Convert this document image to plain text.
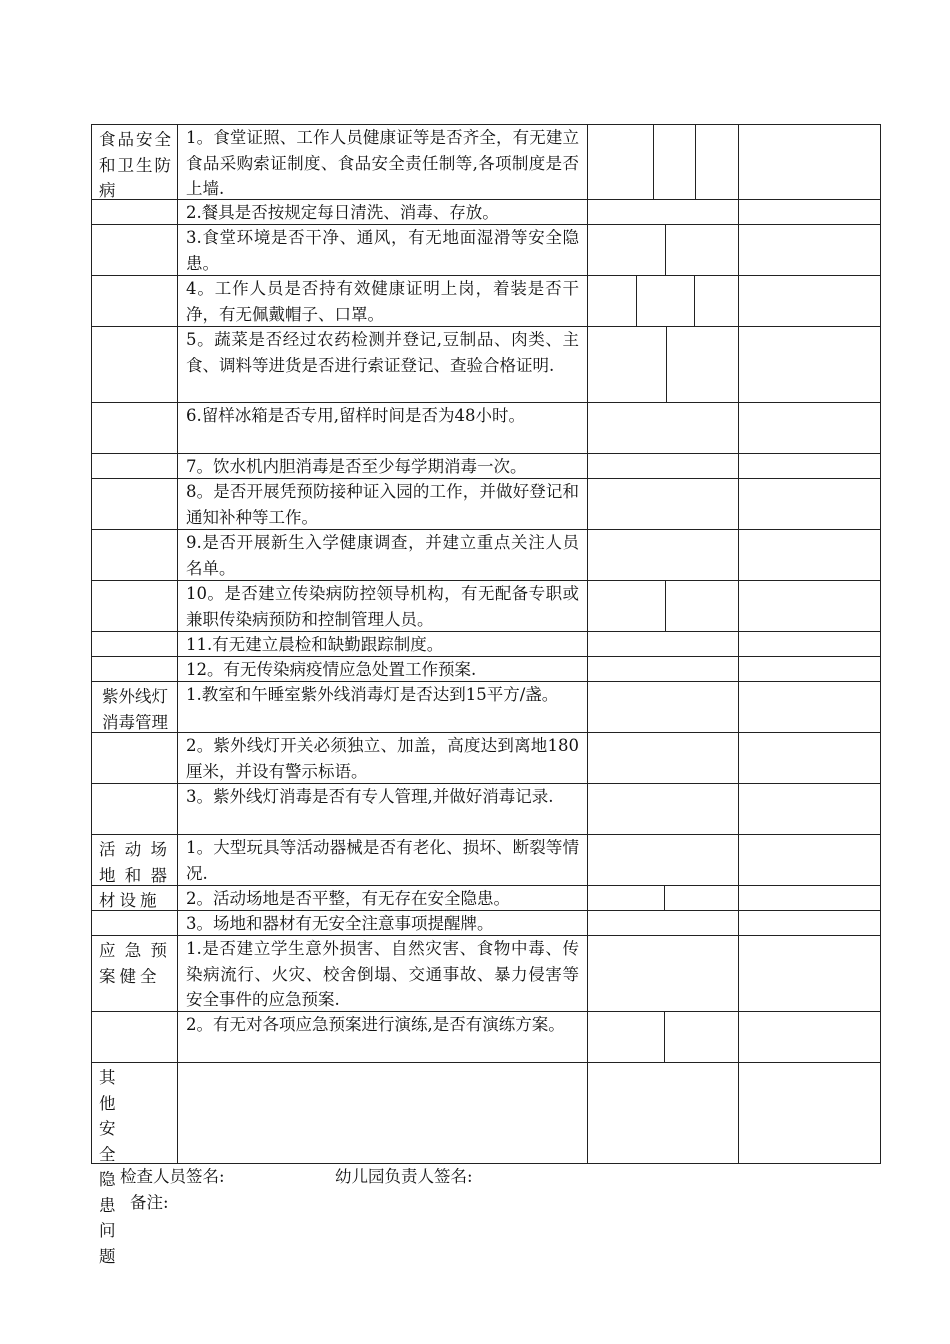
1。食堂证照、工作人员健康证等是否齐全，有无建立食品采购索证制度、食品安全责任制等,各项制度是否上墙.
2.餐具是否按规定每日清洗、消毒、存放。
3.食堂环境是否干净、通风，有无地面湿滑等安全隐患。
4。工作人员是否持有效健康证明上岗，着装是否干净，有无佩戴帽子、口罩。
5。蔬菜是否经过农药检测并登记,豆制品、肉类、主食、调料等进货是否进行索证登记、查验合格证明.
6.留样冰箱是否专用,留样时间是否为48小时。
7。饮水机内胆消毒是否至少每学期消毒一次。
8。是否开展凭预防接种证入园的工作，并做好登记和通知补种等工作。
9.是否开展新生入学健康调查，并建立重点关注人员名单。
10。是否建立传染病防控领导机构，有无配备专职或兼职传染病预防和控制管理人员。
11.有无建立晨检和缺勤跟踪制度。
12。有无传染病疫情应急处置工作预案.
1.教室和午睡室紫外线消毒灯是否达到15平方/盏。
2。紫外线灯开关必须独立、加盖，高度达到离地180厘米，并设有警示标语。
3。紫外线灯消毒是否有专人管理,并做好消毒记录.
1。大型玩具等活动器械是否有老化、损坏、断裂等情况.
2。活动场地是否平整，有无存在安全隐患。
3。场地和器材有无安全注意事项提醒牌。
1.是否建立学生意外损害、自然灾害、食物中毒、传染病流行、火灾、校舍倒塌、交通事故、暴力侵害等安全事件的应急预案.
2。有无对各项应急预案进行演练,是否有演练方案。
食品安全和卫生防病
紫外线灯消毒管理
活动场地和器材设施
应急预案健全
其他安全隐患问题
检查人员签名:	幼儿园负责人签名:
备注:
